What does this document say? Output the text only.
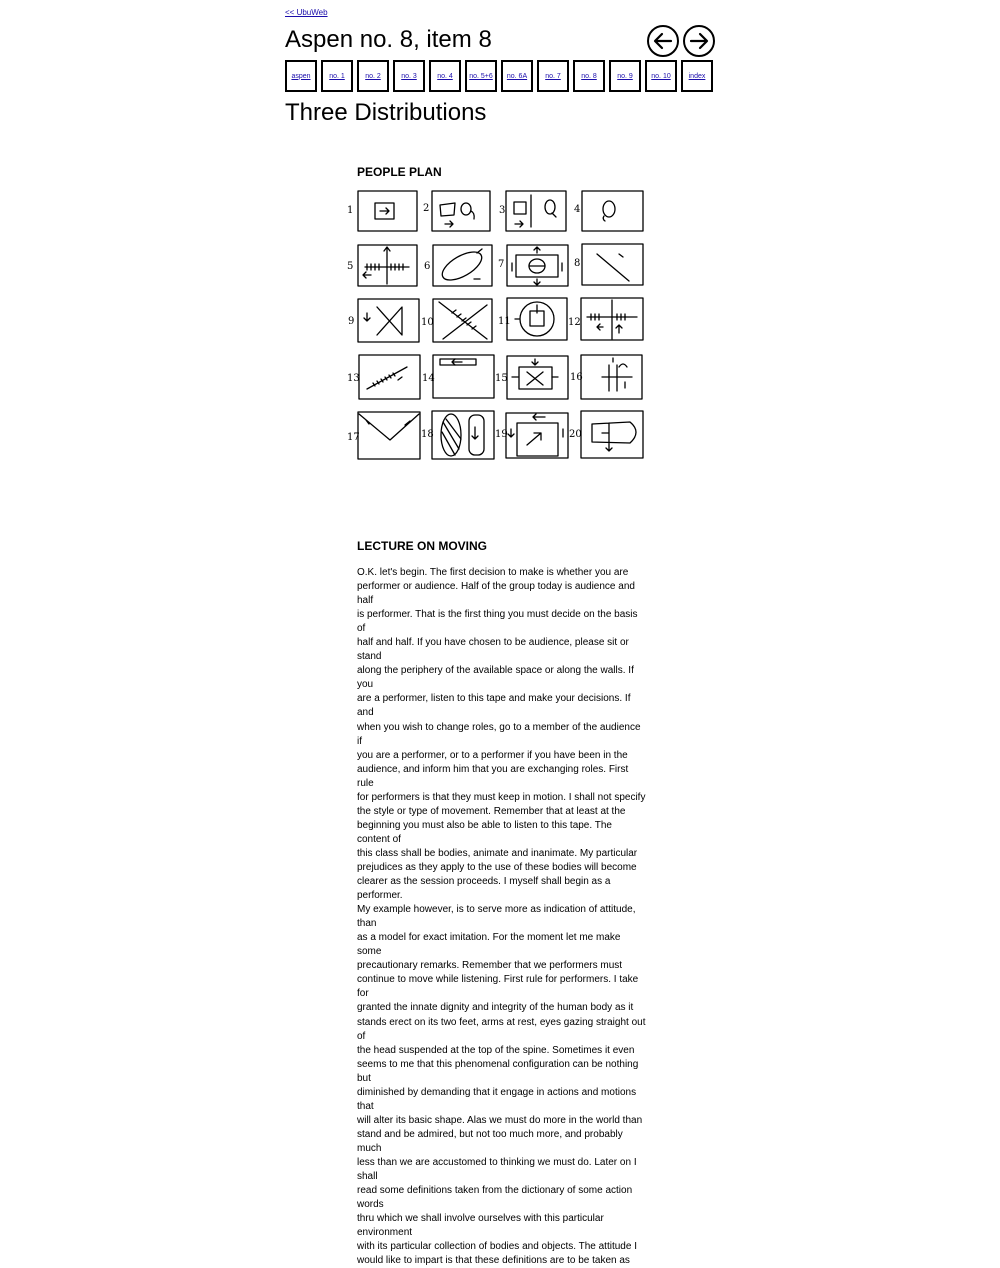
<< UbuWeb
Aspen no. 8, item 8
aspen	no. 1	no. 2	no. 3	no. 4	no. 5+6	no. 6A	no. 7	no. 8	no. 9	no. 10	index
Three Distributions
PEOPLE PLAN
1	2	3	4
5	6	7	8
9	10	11	12
13	14	15	16
17	18	19	20
LECTURE ON MOVING
O.K. let's begin. The first decision to make is whether you are
performer or audience. Half of the group today is audience and half
is performer. That is the first thing you must decide on the basis of
half and half. If you have chosen to be audience, please sit or stand
along the periphery of the available space or along the walls. If you
are a performer, listen to this tape and make your decisions. If and
when you wish to change roles, go to a member of the audience if
you are a performer, or to a performer if you have been in the
audience, and inform him that you are exchanging roles. First rule
for performers is that they must keep in motion. I shall not specify
the style or type of movement. Remember that at least at the
beginning you must also be able to listen to this tape. The content of
this class shall be bodies, animate and inanimate. My particular
prejudices as they apply to the use of these bodies will become
clearer as the session proceeds. I myself shall begin as a performer.
My example however, is to serve more as indication of attitude, than
as a model for exact imitation. For the moment let me make some
precautionary remarks. Remember that we performers must
continue to move while listening. First rule for performers. I take for
granted the innate dignity and integrity of the human body as it
stands erect on its two feet, arms at rest, eyes gazing straight out of
the head suspended at the top of the spine. Sometimes it even
seems to me that this phenomenal configuration can be nothing but
diminished by demanding that it engage in actions and motions that
will alter its basic shape. Alas we must do more in the world than
stand and be admired, but not too much more, and probably much
less than we are accustomed to thinking we must do. Later on I shall
read some definitions taken from the dictionary of some action words
thru which we shall involve ourselves with this particular environment
with its particular collection of bodies and objects. The attitude I
would like to impart is that these definitions are to be taken as
